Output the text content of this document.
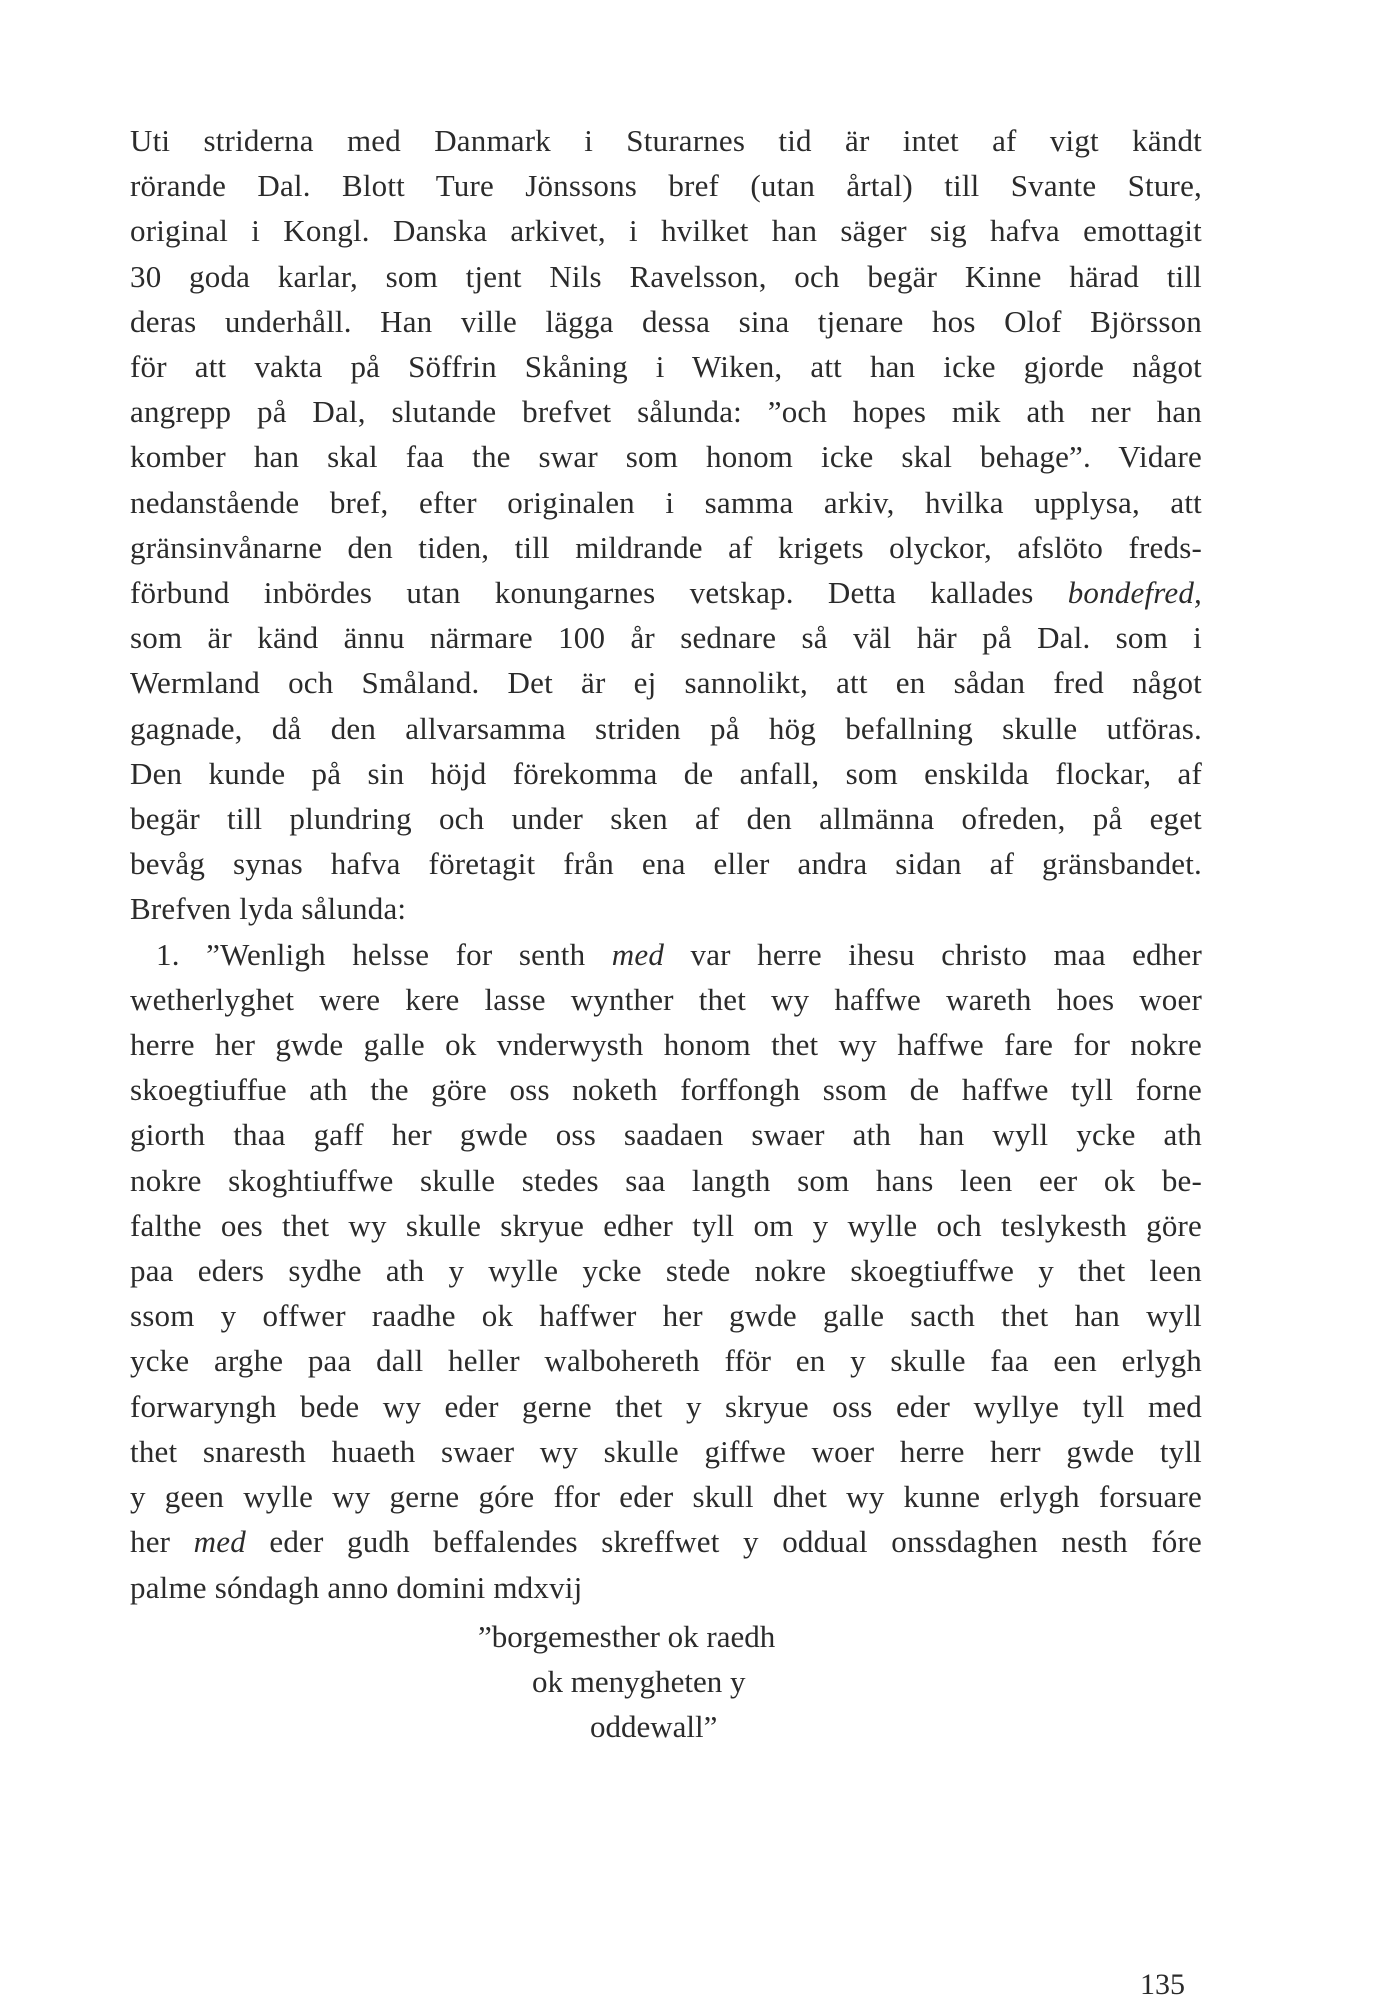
Uti striderna med Danmark i Sturarnes tid är intet af vigt kändt
rörande Dal. Blott Ture Jönssons bref (utan årtal) till Svante Sture,
original i Kongl. Danska arkivet, i hvilket han säger sig hafva emottagit
30 goda karlar, som tjent Nils Ravelsson, och begär Kinne härad till
deras underhåll. Han ville lägga dessa sina tjenare hos Olof Björsson
för att vakta på Söffrin Skåning i Wiken, att han icke gjorde något
angrepp på Dal, slutande brefvet sålunda: ”och hopes mik ath ner han
komber han skal faa the swar som honom icke skal behage”. Vidare
nedanstående bref, efter originalen i samma arkiv, hvilka upplysa, att
gränsinvånarne den tiden, till mildrande af krigets olyckor, afslöto freds-
förbund inbördes utan konungarnes vetskap. Detta kallades bondefred,
som är känd ännu närmare 100 år sednare så väl här på Dal. som i
Wermland och Småland. Det är ej sannolikt, att en sådan fred något
gagnade, då den allvarsamma striden på hög befallning skulle utföras.
Den kunde på sin höjd förekomma de anfall, som enskilda flockar, af
begär till plundring och under sken af den allmänna ofreden, på eget
bevåg synas hafva företagit från ena eller andra sidan af gränsbandet.
Brefven lyda sålunda:
1. ”Wenligh helsse for senth med var herre ihesu christo maa edher
wetherlyghet were kere lasse wynther thet wy haffwe wareth hoes woer
herre her gwde galle ok vnderwysth honom thet wy haffwe fare for nokre
skoegtiuffue ath the göre oss noketh forffongh ssom de haffwe tyll forne
giorth thaa gaff her gwde oss saadaen swaer ath han wyll ycke ath
nokre skoghtiuffwe skulle stedes saa langth som hans leen eer ok be-
falthe oes thet wy skulle skryue edher tyll om y wylle och teslykesth göre
paa eders sydhe ath y wylle ycke stede nokre skoegtiuffwe y thet leen
ssom y offwer raadhe ok haffwer her gwde galle sacth thet han wyll
ycke arghe paa dall heller walbohereth fför en y skulle faa een erlygh
forwaryngh bede wy eder gerne thet y skryue oss eder wyllye tyll med
thet snaresth huaeth swaer wy skulle giffwe woer herre herr gwde tyll
y geen wylle wy gerne góre ffor eder skull dhet wy kunne erlygh forsuare
her med eder gudh beffalendes skreffwet y oddual onssdaghen nesth fóre
palme sóndagh anno domini mdxvij
”borgemesther ok raedh
ok menygheten y
oddewall”
135
